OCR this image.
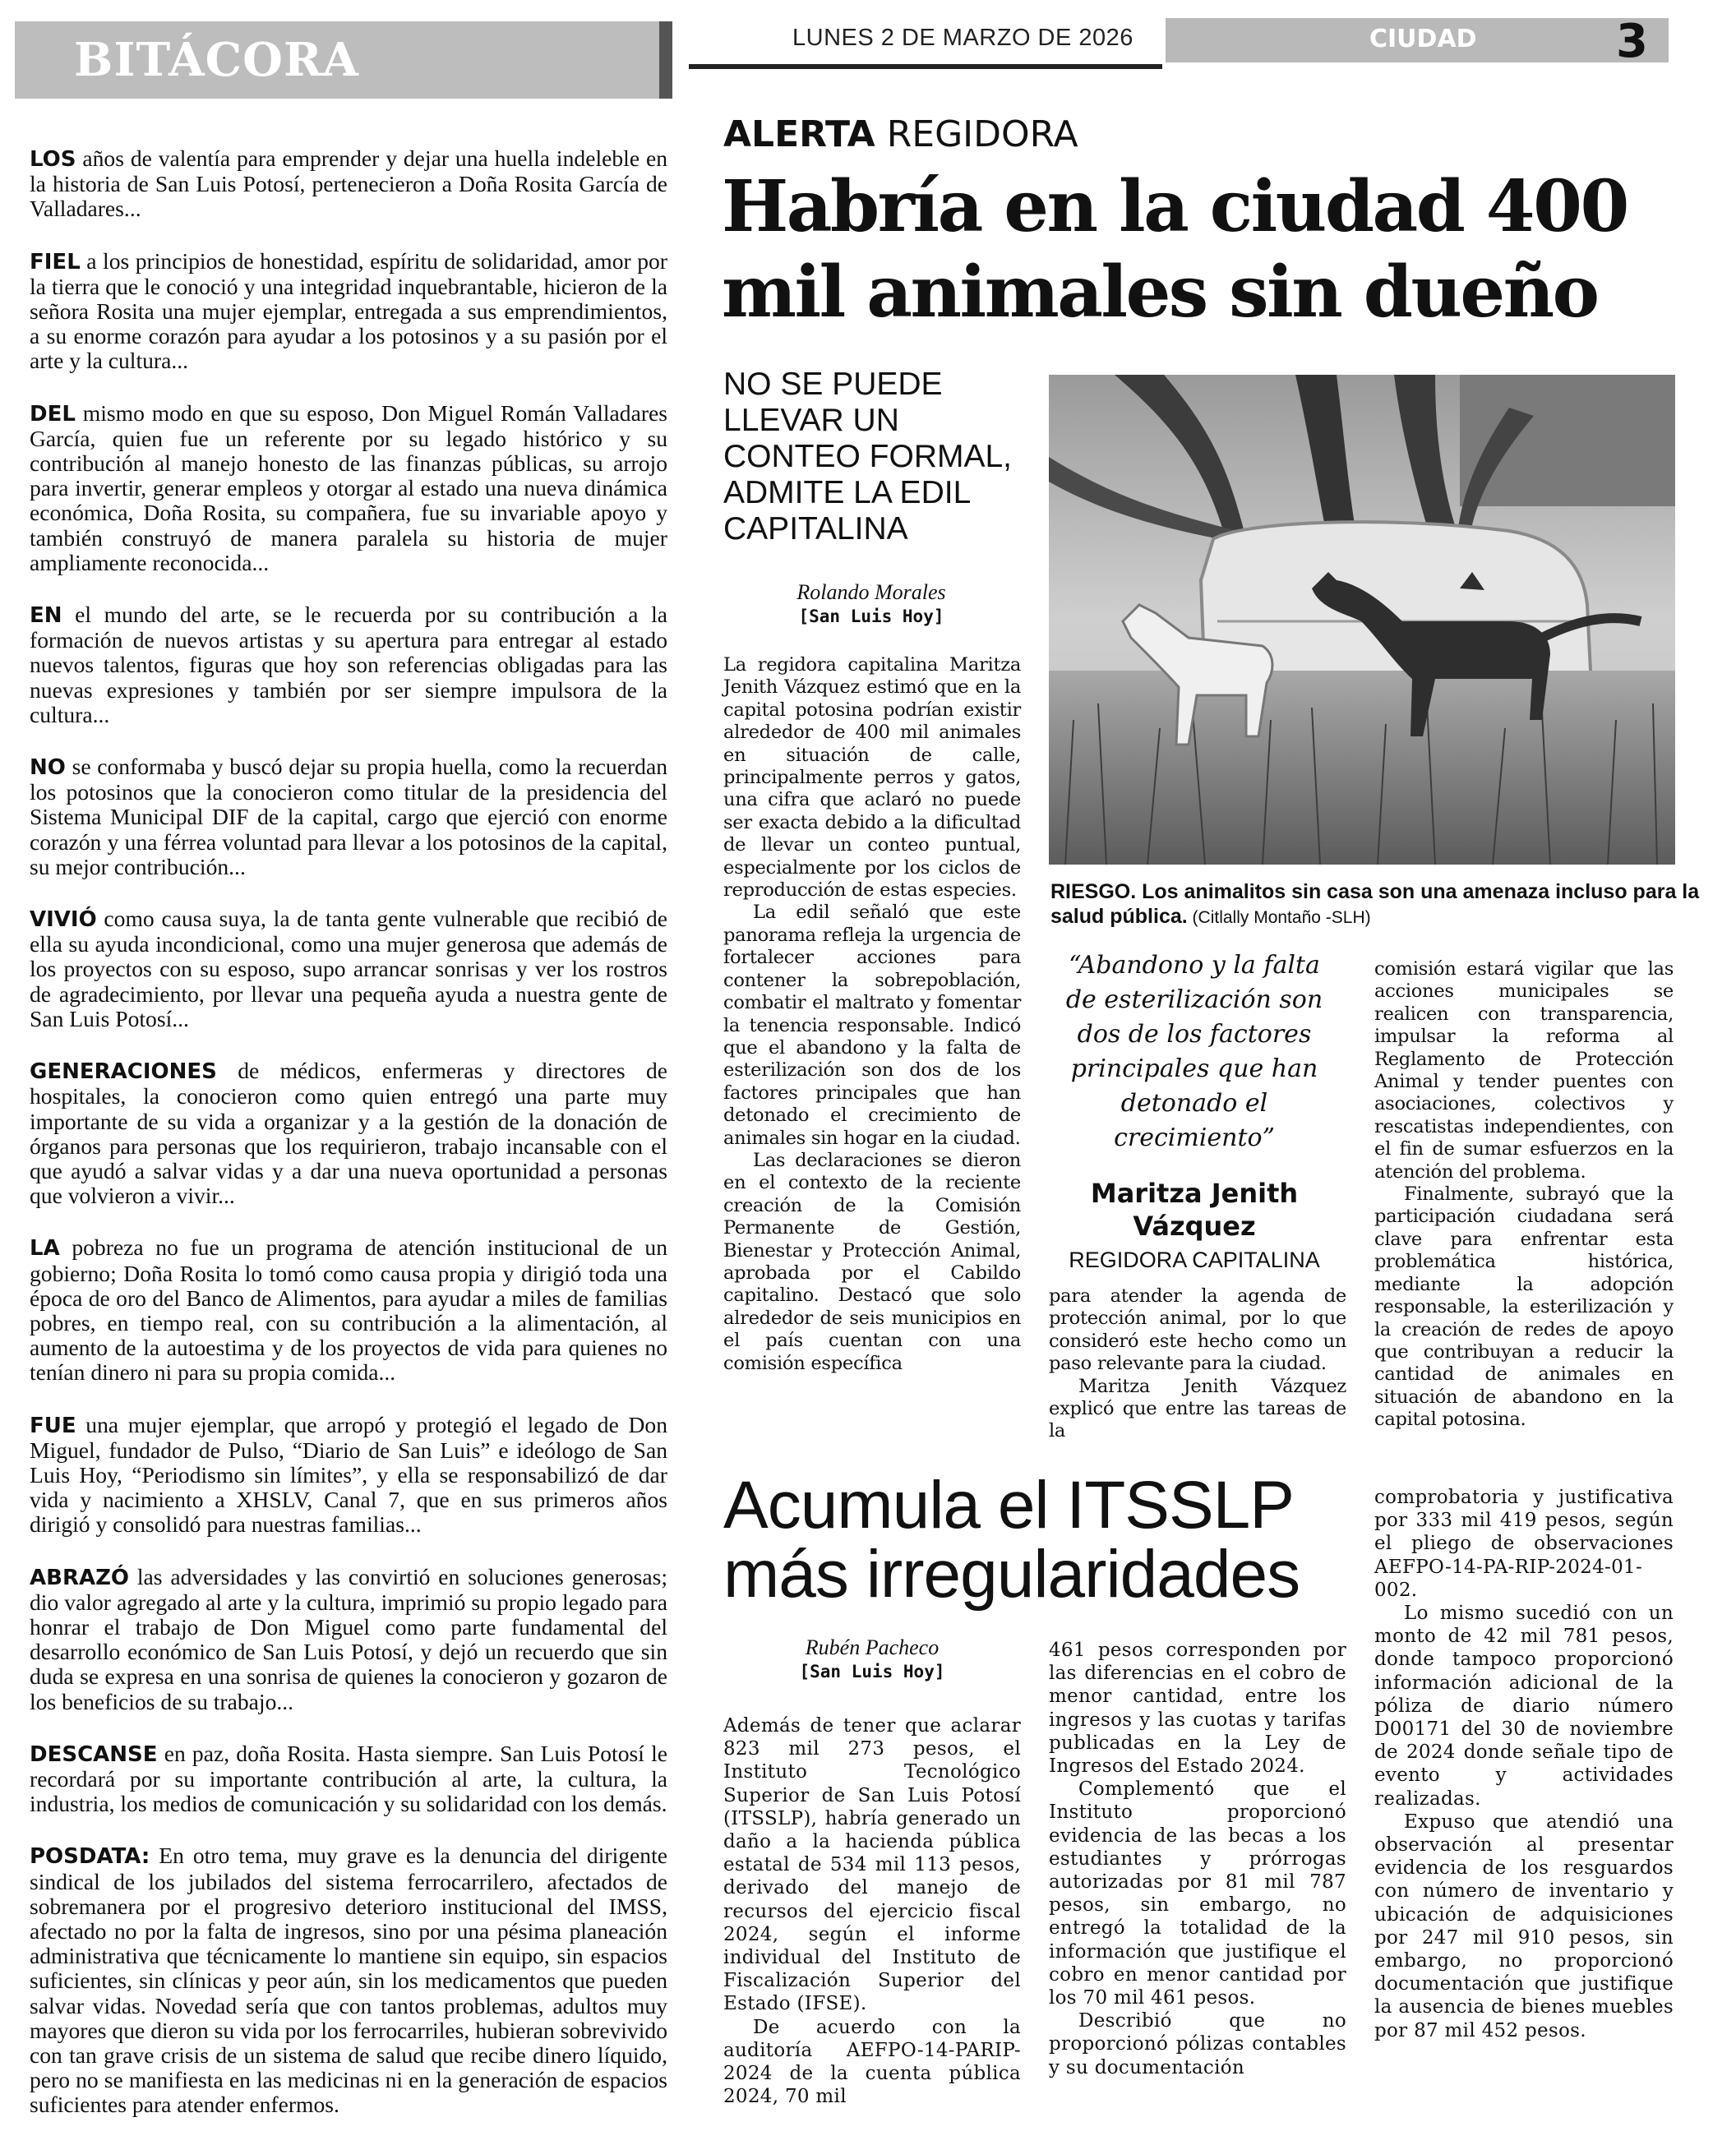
BITÁCORA

LOS años de valentía para emprender y dejar una huella indeleble en la historia de San Luis Potosí, pertenecieron a Doña Rosita García de Valladares...

FIEL a los principios de honestidad, espíritu de solidaridad, amor por la tierra que le conoció y una integridad inquebrantable, hicieron de la señora Rosita una mujer ejemplar, entregada a sus emprendimientos, a su enorme corazón para ayudar a los potosinos y a su pasión por el arte y la cultura...

DEL mismo modo en que su esposo, Don Miguel Román Valladares García, quien fue un referente por su legado histórico y su contribución al manejo honesto de las finanzas públicas, su arrojo para invertir, generar empleos y otorgar al estado una nueva dinámica económica, Doña Rosita, su compañera, fue su invariable apoyo y también construyó de manera paralela su historia de mujer ampliamente reconocida...

EN el mundo del arte, se le recuerda por su contribución a la formación de nuevos artistas y su apertura para entregar al estado nuevos talentos, figuras que hoy son referencias obligadas para las nuevas expresiones y también por ser siempre impulsora de la cultura...

NO se conformaba y buscó dejar su propia huella, como la recuerdan los potosinos que la conocieron como titular de la presidencia del Sistema Municipal DIF de la capital, cargo que ejerció con enorme corazón y una férrea voluntad para llevar a los potosinos de la capital, su mejor contribución...

VIVIÓ como causa suya, la de tanta gente vulnerable que recibió de ella su ayuda incondicional, como una mujer generosa que además de los proyectos con su esposo, supo arrancar sonrisas y ver los rostros de agradecimiento, por llevar una pequeña ayuda a nuestra gente de San Luis Potosí...

GENERACIONES de médicos, enfermeras y directores de hospitales, la conocieron como quien entregó una parte muy importante de su vida a organizar y a la gestión de la donación de órganos para personas que los requirieron, trabajo incansable con el que ayudó a salvar vidas y a dar una nueva oportunidad a personas que volvieron a vivir...

LA pobreza no fue un programa de atención institucional de un gobierno; Doña Rosita lo tomó como causa propia y dirigió toda una época de oro del Banco de Alimentos, para ayudar a miles de familias pobres, en tiempo real, con su contribución a la alimentación, al aumento de la autoestima y de los proyectos de vida para quienes no tenían dinero ni para su propia comida...

FUE una mujer ejemplar, que arropó y protegió el legado de Don Miguel, fundador de Pulso, “Diario de San Luis” e ideólogo de San Luis Hoy, “Periodismo sin límites”, y ella se responsabilizó de dar vida y nacimiento a XHSLV, Canal 7, que en sus primeros años dirigió y consolidó para nuestras familias...

ABRAZÓ las adversidades y las convirtió en soluciones generosas; dio valor agregado al arte y la cultura, imprimió su propio legado para honrar el trabajo de Don Miguel como parte fundamental del desarrollo económico de San Luis Potosí, y dejó un recuerdo que sin duda se expresa en una sonrisa de quienes la conocieron y gozaron de los beneficios de su trabajo...

DESCANSE en paz, doña Rosita. Hasta siempre. San Luis Potosí le recordará por su importante contribución al arte, la cultura, la industria, los medios de comunicación y su solidaridad con los demás.

POSDATA: En otro tema, muy grave es la denuncia del dirigente sindical de los jubilados del sistema ferrocarrilero, afectados de sobremanera por el progresivo deterioro institucional del IMSS, afectado no por la falta de ingresos, sino por una pésima planeación administrativa que técnicamente lo mantiene sin equipo, sin espacios suficientes, sin clínicas y peor aún, sin los medicamentos que pueden salvar vidas. Novedad sería que con tantos problemas, adultos muy mayores que dieron su vida por los ferrocarriles, hubieran sobrevivido con tan grave crisis de un sistema de salud que recibe dinero líquido, pero no se manifiesta en las medicinas ni en la generación de espacios suficientes para atender enfermos.

LUNES 2 DE MARZO DE 2026	CIUDAD	3
ALERTA REGIDORA
Habría en la ciudad 400
mil animales sin dueño
NO SE PUEDE LLEVAR UN CONTEO FORMAL, ADMITE LA EDIL CAPITALINA
Rolando Morales
[San Luis Hoy]

La regidora capitalina Maritza Jenith Vázquez estimó que en la capital potosina podrían existir alrededor de 400 mil animales en situación de calle, principalmente perros y gatos, una cifra que aclaró no puede ser exacta debido a la dificultad de llevar un conteo puntual, especialmente por los ciclos de reproducción de estas especies.

La edil señaló que este panorama refleja la urgencia de fortalecer acciones para contener la sobrepoblación, combatir el maltrato y fomentar la tenencia responsable. Indicó que el abandono y la falta de esterilización son dos de los factores principales que han detonado el crecimiento de animales sin hogar en la ciudad.

Las declaraciones se dieron en el contexto de la reciente creación de la Comisión Permanente de Gestión, Bienestar y Protección Animal, aprobada por el Cabildo capitalino. Destacó que solo alrededor de seis municipios en el país cuentan con una comisión específica

RIESGO. Los animalitos sin casa son una amenaza incluso para la salud pública. (Citlally Montaño -SLH)
“Abandono y la falta de esterilización son dos de los factores principales que han detonado el crecimiento”
Maritza Jenith Vázquez
REGIDORA CAPITALINA

para atender la agenda de protección animal, por lo que consideró este hecho como un paso relevante para la ciudad.

Maritza Jenith Vázquez explicó que entre las tareas de la

comisión estará vigilar que las acciones municipales se realicen con transparencia, impulsar la reforma al Reglamento de Protección Animal y tender puentes con asociaciones, colectivos y rescatistas independientes, con el fin de sumar esfuerzos en la atención del problema.

Finalmente, subrayó que la participación ciudadana será clave para enfrentar esta problemática histórica, mediante la adopción responsable, la esterilización y la creación de redes de apoyo que contribuyan a reducir la cantidad de animales en situación de abandono en la capital potosina.

Acumula el ITSSLP
más irregularidades
Rubén Pacheco
[San Luis Hoy]

Además de tener que aclarar 823 mil 273 pesos, el Instituto Tecnológico Superior de San Luis Potosí (ITSSLP), habría generado un daño a la hacienda pública estatal de 534 mil 113 pesos, derivado del manejo de recursos del ejercicio fiscal 2024, según el informe individual del Instituto de Fiscalización Superior del Estado (IFSE).

De acuerdo con la auditoría AEFPO-14-PARIP-2024 de la cuenta pública 2024, 70 mil

461 pesos corresponden por las diferencias en el cobro de menor cantidad, entre los ingresos y las cuotas y tarifas publicadas en la Ley de Ingresos del Estado 2024.

Complementó que el Instituto proporcionó evidencia de las becas a los estudiantes y prórrogas autorizadas por 81 mil 787 pesos, sin embargo, no entregó la totalidad de la información que justifique el cobro en menor cantidad por los 70 mil 461 pesos.

Describió que no proporcionó pólizas contables y su documentación

comprobatoria y justificativa por 333 mil 419 pesos, según el pliego de observaciones AEFPO-14-PA-RIP-2024-01-002.

Lo mismo sucedió con un monto de 42 mil 781 pesos, donde tampoco proporcionó información adicional de la póliza de diario número D00171 del 30 de noviembre de 2024 donde señale tipo de evento y actividades realizadas.

Expuso que atendió una observación al presentar evidencia de los resguardos con número de inventario y ubicación de adquisiciones por 247 mil 910 pesos, sin embargo, no proporcionó documentación que justifique la ausencia de bienes muebles por 87 mil 452 pesos.
